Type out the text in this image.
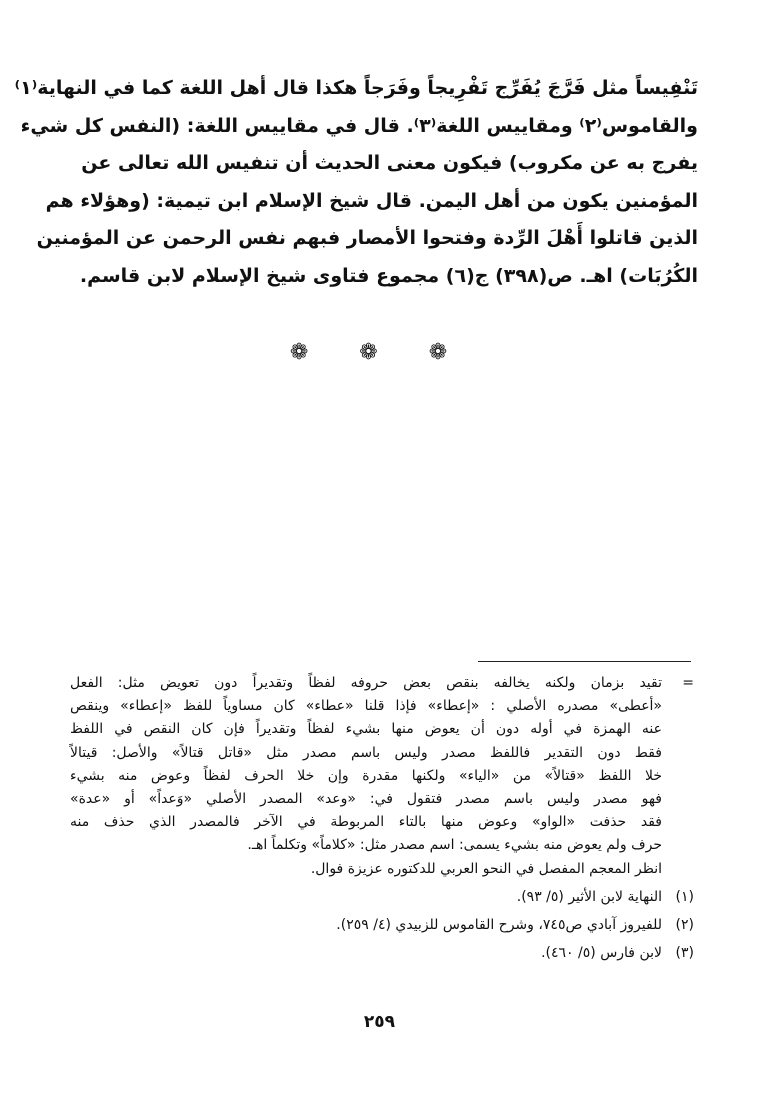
تَنْفِيساً مثل فَرَّجَ يُفَرِّج تَفْرِيجاً وفَرَجاً هكذا قال أهل اللغة كما في النهاية⁽١⁾
والقاموس⁽٢⁾ ومقاييس اللغة⁽٣⁾. قال في مقاييس اللغة: (النفس كل شيء
يفرج به عن مكروب) فيكون معنى الحديث أن تنفيس الله تعالى عن
المؤمنين يكون من أهل اليمن. قال شيخ الإسلام ابن تيمية: (وهؤلاء هم
الذين قاتلوا أَهْلَ الرِّدة وفتحوا الأمصار فبهم نفس الرحمن عن المؤمنين
الكُرُبَات) اهـ. ص(٣٩٨) ج(٦) مجموع فتاوى شيخ الإسلام لابن قاسم.
❁ ❁ ❁
=
تقيد بزمان ولكنه يخالفه بنقص بعض حروفه لفظاً وتقديراً دون تعويض مثل: الفعل
«أعطى» مصدره الأصلي : «إعطاء» فإذا قلنا «عطاء» كان مساوياً للفظ «إعطاء» وينقص
عنه الهمزة في أوله دون أن يعوض منها بشيء لفظاً وتقديراً فإن كان النقص في اللفظ
فقط دون التقدير فاللفظ مصدر وليس باسم مصدر مثل «قاتل قتالاً» والأصل: قيتالاً
خلا اللفظ «قتالاً» من «الياء» ولكنها مقدرة وإن خلا الحرف لفظاً وعوض منه بشيء
فهو مصدر وليس باسم مصدر فتقول في: «وعد» المصدر الأصلي «وَعداً» أو «عدة»
فقد حذفت «الواو» وعوض منها بالتاء المربوطة في الآخر فالمصدر الذي حذف منه
حرف ولم يعوض منه بشيء يسمى: اسم مصدر مثل: «كلاماً» وتكلماً اهـ.
انظر المعجم المفصل في النحو العربي للدكتوره عزيزة فوال.
(١)
النهاية لابن الأثير (٥/ ٩٣).
(٢)
للفيروز آبادي ص٧٤٥، وشرح القاموس للزبيدي (٤/ ٢٥٩).
(٣)
لابن فارس (٥/ ٤٦٠).
٢٥٩
